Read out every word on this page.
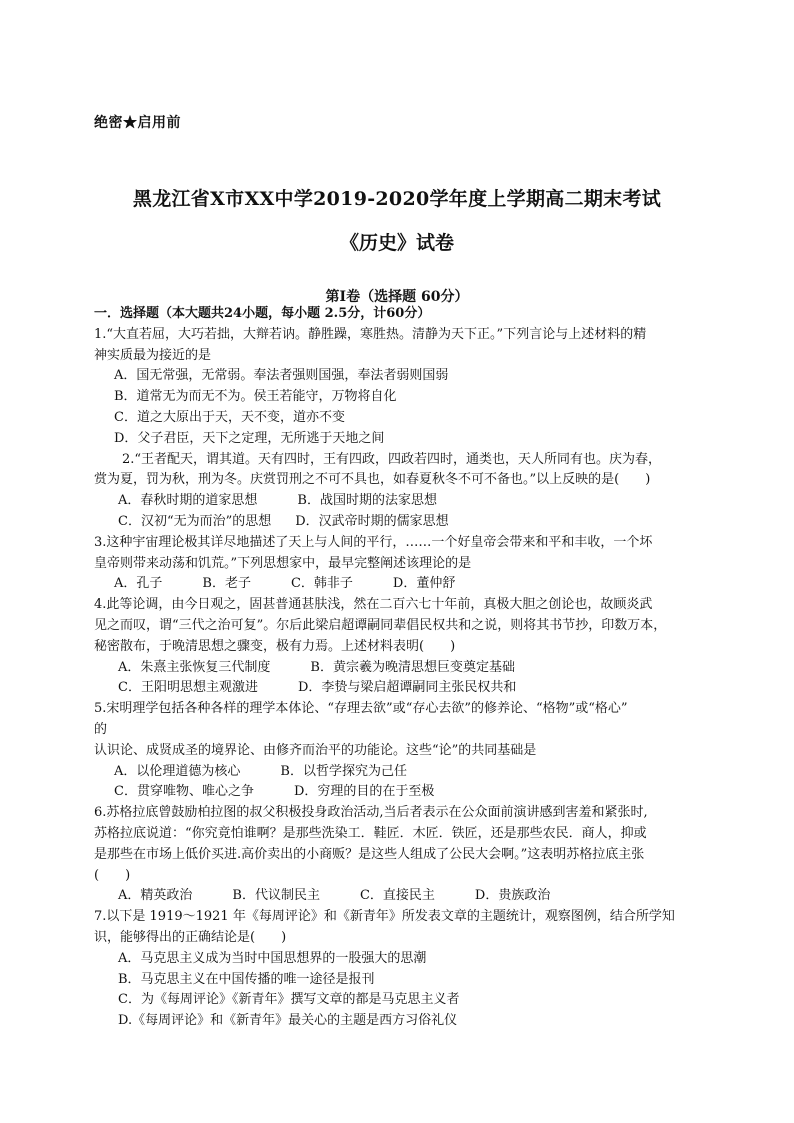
绝密★启用前
黑龙江省X市XX中学2019-2020学年度上学期高二期末考试
《历史》试卷
第Ⅰ卷（选择题 60分）
一．选择题（本大题共24小题，每小题 2.5分，计60分）
1.“大直若屈，大巧若拙，大辩若讷。静胜躁，寒胜热。清静为天下正。”下列言论与上述材料的精
神实质最为接近的是
A．国无常强，无常弱。奉法者强则国强，奉法者弱则国弱
B．道常无为而无不为。侯王若能守，万物将自化
C．道之大原出于天，天不变，道亦不变
D．父子君臣，天下之定理，无所逃于天地之间
2.“王者配天，谓其道。天有四时，王有四政，四政若四时，通类也，天人所同有也。庆为春，
赏为夏，罚为秋，刑为冬。庆赏罚刑之不可不具也，如春夏秋冬不可不备也。”以上反映的是(　　)
A．春秋时期的道家思想	B．战国时期的法家思想
C．汉初“无为而治”的思想 D．汉武帝时期的儒家思想
3.这种宇宙理论极其详尽地描述了天上与人间的平行，……一个好皇帝会带来和平和丰收，一个坏
皇帝则带来动荡和饥荒。”下列思想家中，最早完整阐述该理论的是
A．孔子	B．老子	C．韩非子	D．董仲舒
4.此等论调，由今日观之，固甚普通甚肤浅，然在二百六七十年前，真极大胆之创论也，故顾炎武
见之而叹，谓“三代之治可复”。尔后此梁启超谭嗣同辈倡民权共和之说，则将其书节抄，印数万本，
秘密散布，于晚清思想之骤变，极有力焉。上述材料表明(　　)
A．朱熹主张恢复三代制度	B．黄宗羲为晚清思想巨变奠定基础
C．王阳明思想主观激进	D．李贽与梁启超谭嗣同主张民权共和
5.宋明理学包括各种各样的理学本体论、“存理去欲”或“存心去欲”的修养论、“格物”或“格心”
的
认识论、成贤成圣的境界论、由修齐而治平的功能论。这些“论”的共同基础是
A．以伦理道德为核心	B．以哲学探究为己任
C．贯穿唯物、唯心之争	D．穷理的目的在于至极
6.苏格拉底曾鼓励柏拉图的叔父积极投身政治活动,当后者表示在公众面前演讲感到害羞和紧张时,
苏格拉底说道：“你究竟怕谁啊？是那些洗染工．鞋匠．木匠．铁匠，还是那些农民．商人，抑或
是那些在市场上低价买进.高价卖出的小商贩？是这些人组成了公民大会啊。”这表明苏格拉底主张
(　　)
A．精英政治	B．代议制民主	C．直接民主	D．贵族政治
7.以下是 1919～1921 年《每周评论》和《新青年》所发表文章的主题统计，观察图例，结合所学知
识，能够得出的正确结论是(　　)
A．马克思主义成为当时中国思想界的一股强大的思潮
B．马克思主义在中国传播的唯一途径是报刊
C．为《每周评论》《新青年》撰写文章的都是马克思主义者
D.《每周评论》和《新青年》最关心的主题是西方习俗礼仪
